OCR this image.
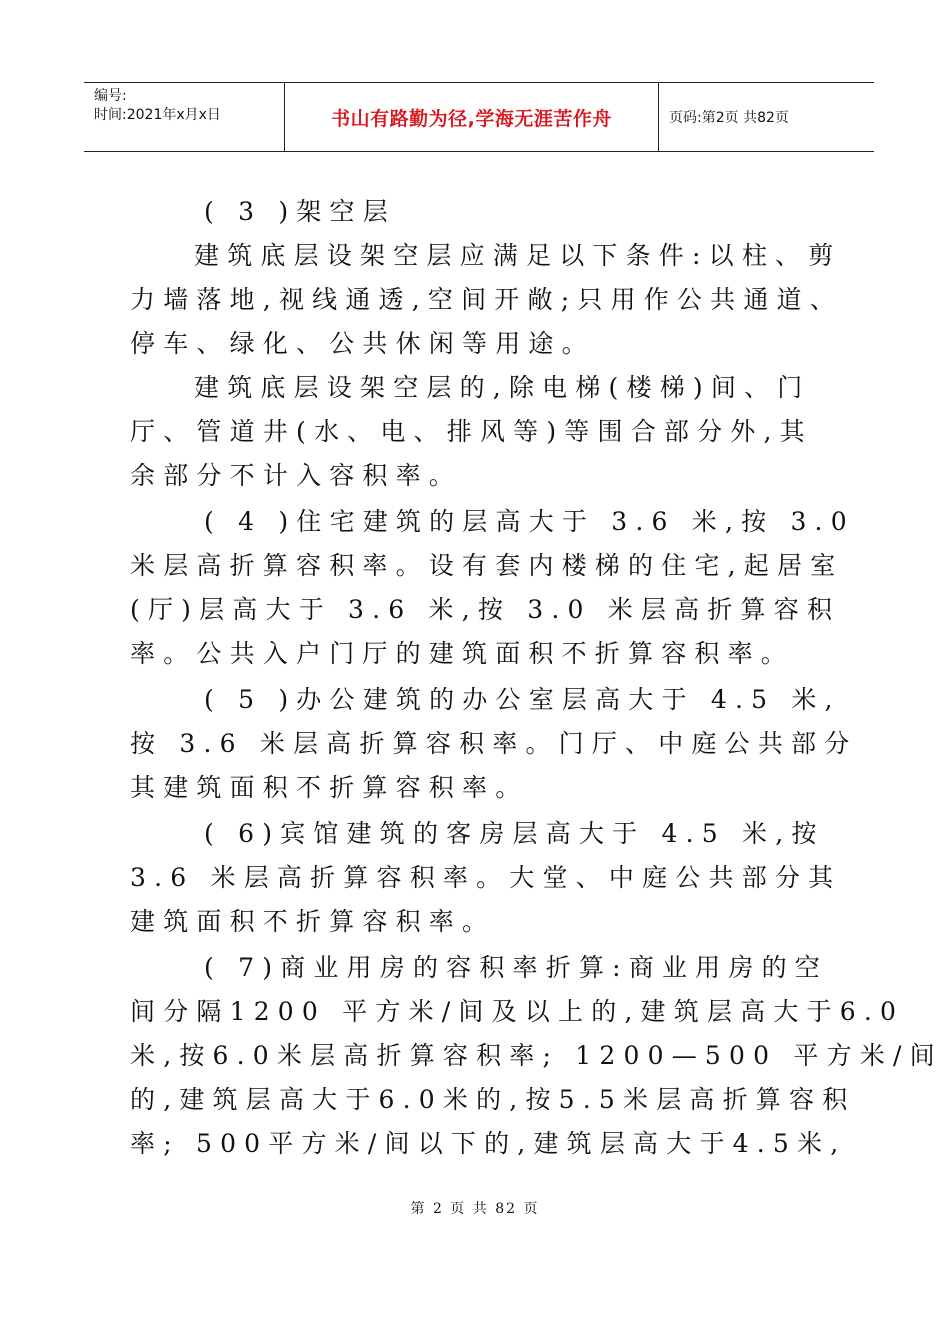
编号:
时间:2021年x月x日	书山有路勤为径,学海无涯苦作舟	页码:第2页 共82页
( 3 )架空层
建筑底层设架空层应满足以下条件:以柱、剪
力墙落地,视线通透,空间开敞;只用作公共通道、
停车、绿化、公共休闲等用途。
建筑底层设架空层的,除电梯(楼梯)间、门
厅、管道井(水、电、排风等)等围合部分外,其
余部分不计入容积率。
( 4 )住宅建筑的层高大于 3.6 米,按 3.0
米层高折算容积率。设有套内楼梯的住宅,起居室
(厅)层高大于 3.6 米,按 3.0 米层高折算容积
率。公共入户门厅的建筑面积不折算容积率。
( 5 )办公建筑的办公室层高大于 4.5 米,
按 3.6 米层高折算容积率。门厅、中庭公共部分
其建筑面积不折算容积率。
( 6)宾馆建筑的客房层高大于 4.5 米,按
3.6 米层高折算容积率。大堂、中庭公共部分其
建筑面积不折算容积率。
( 7)商业用房的容积率折算:商业用房的空
间分隔1200 平方米/间及以上的,建筑层高大于6.0
米,按6.0米层高折算容积率; 1200—500 平方米/间
的,建筑层高大于6.0米的,按5.5米层高折算容积
率; 500平方米/间以下的,建筑层高大于4.5米,
第 2 页 共 82 页
